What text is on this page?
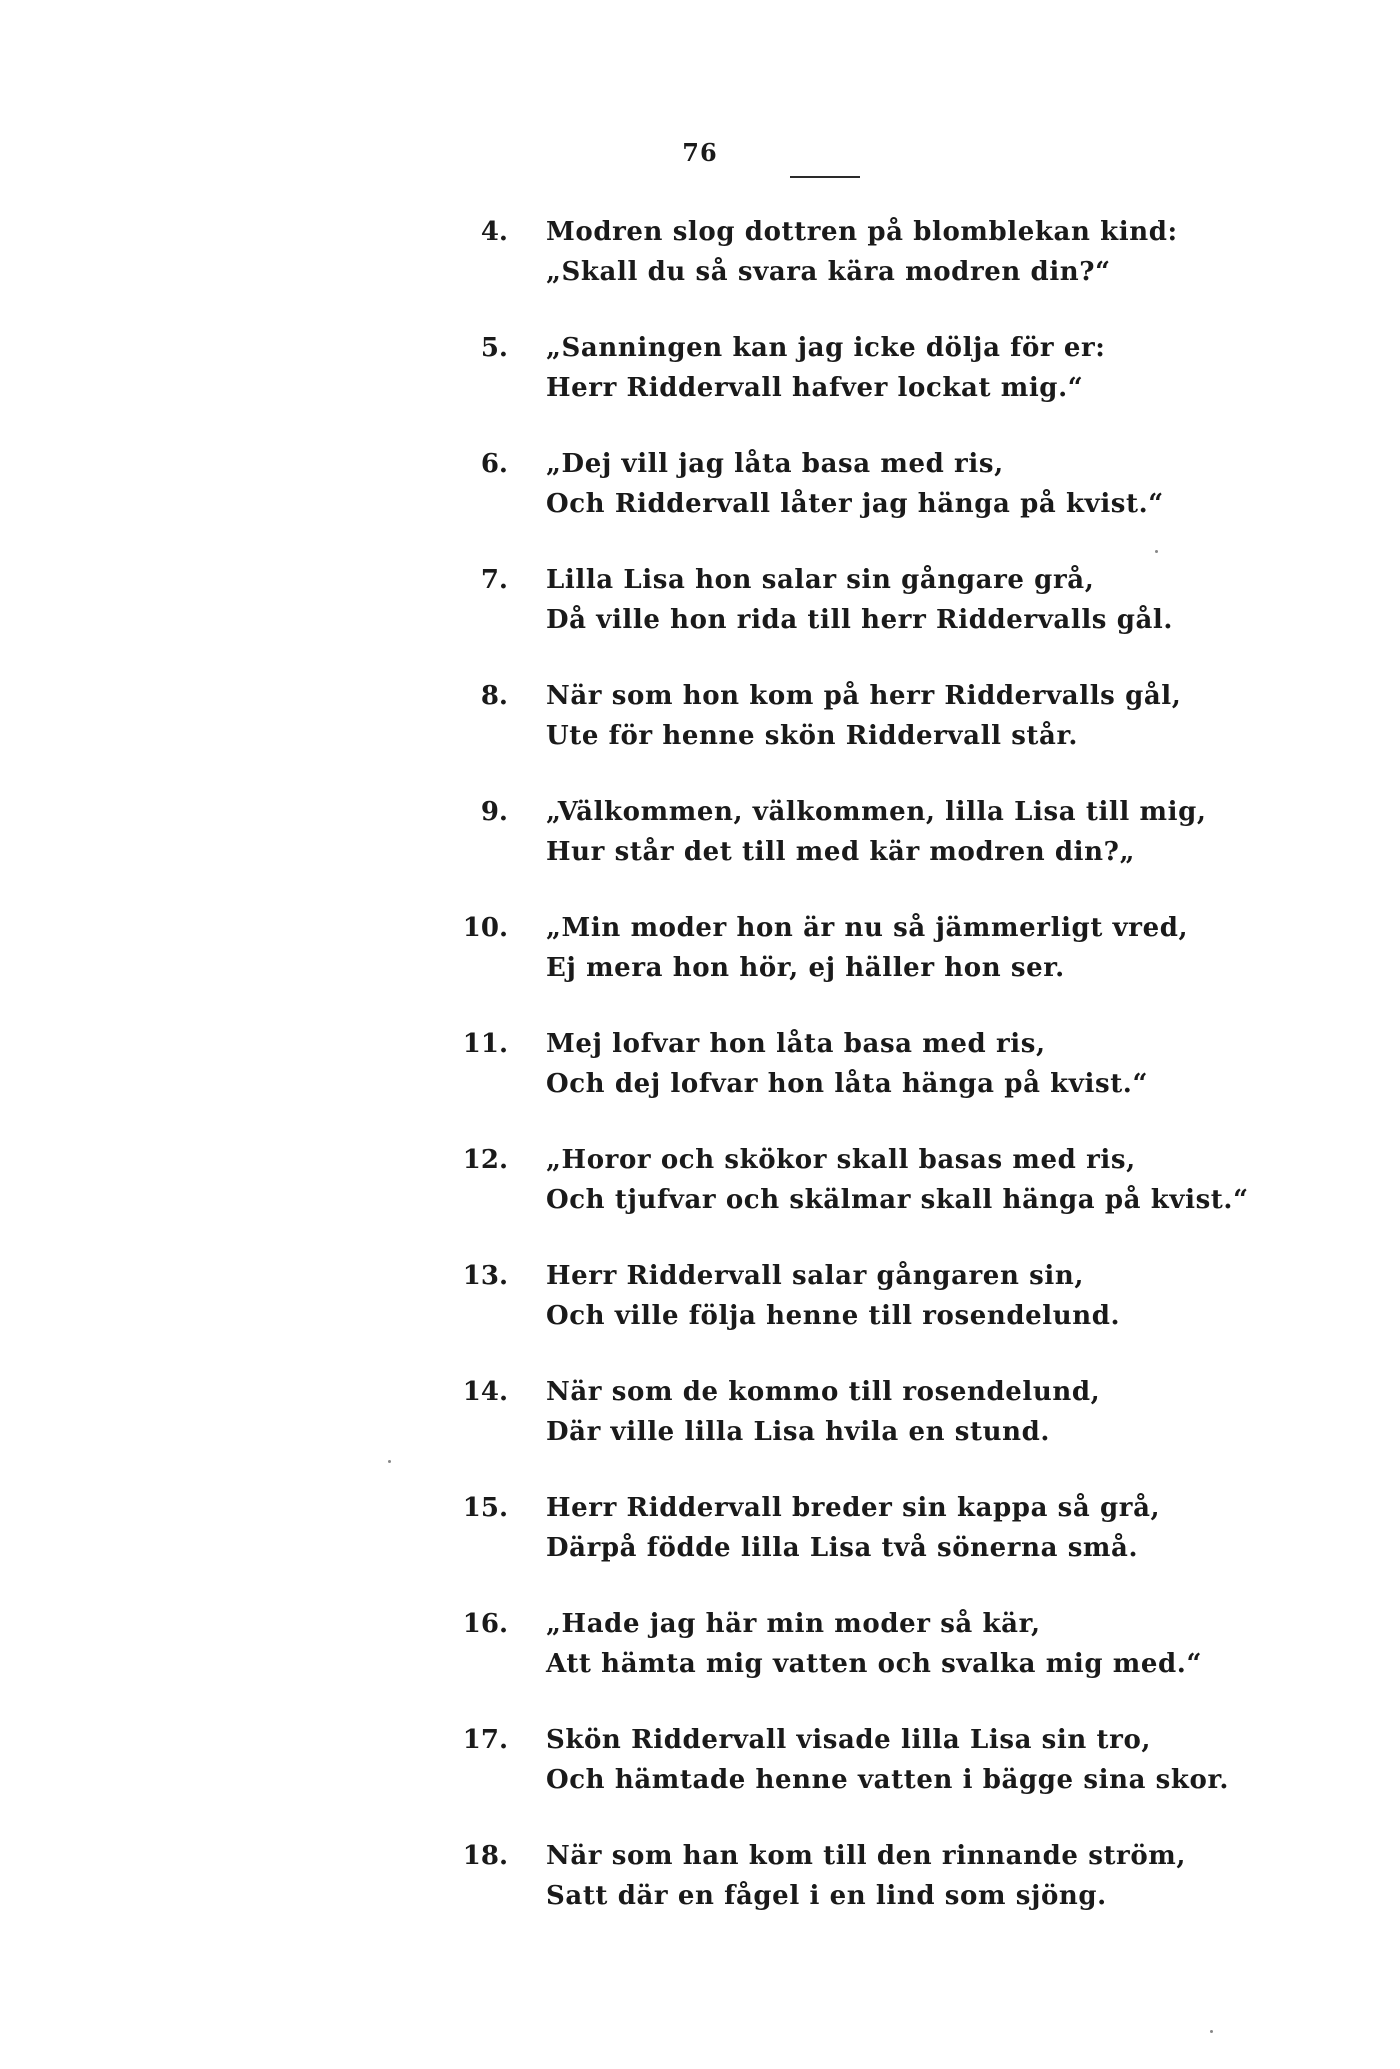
76
4. Modren slog dottren på blomblekan kind:
„Skall du så svara kära modren din?“
5. „Sanningen kan jag icke dölja för er:
Herr Riddervall hafver lockat mig.“
6. „Dej vill jag låta basa med ris,
Och Riddervall låter jag hänga på kvist.“
7. Lilla Lisa hon salar sin gångare grå,
Då ville hon rida till herr Riddervalls gål.
8. När som hon kom på herr Riddervalls gål,
Ute för henne skön Riddervall står.
9. „Välkommen, välkommen, lilla Lisa till mig,
Hur står det till med kär modren din?„
10. „Min moder hon är nu så jämmerligt vred,
Ej mera hon hör, ej häller hon ser.
11. Mej lofvar hon låta basa med ris,
Och dej lofvar hon låta hänga på kvist.“
12. „Horor och skökor skall basas med ris,
Och tjufvar och skälmar skall hänga på kvist.“
13. Herr Riddervall salar gångaren sin,
Och ville följa henne till rosendelund.
14. När som de kommo till rosendelund,
Där ville lilla Lisa hvila en stund.
15. Herr Riddervall breder sin kappa så grå,
Därpå födde lilla Lisa två sönerna små.
16. „Hade jag här min moder så kär,
Att hämta mig vatten och svalka mig med.“
17. Skön Riddervall visade lilla Lisa sin tro,
Och hämtade henne vatten i bägge sina skor.
18. När som han kom till den rinnande ström,
Satt där en fågel i en lind som sjöng.
